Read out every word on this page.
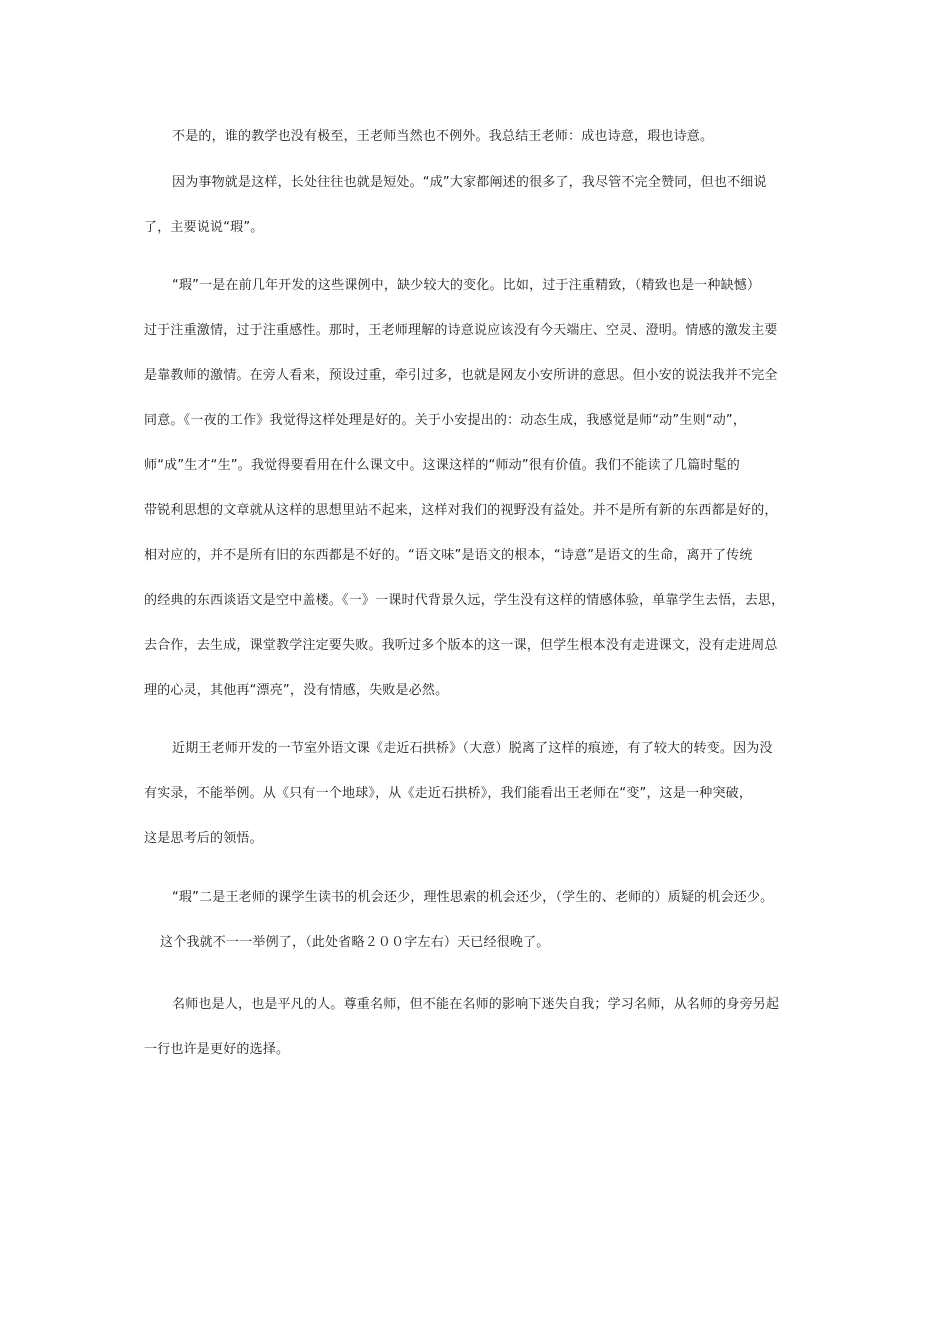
不是的，谁的教学也没有极至，王老师当然也不例外。我总结王老师：成也诗意，瑕也诗意。
因为事物就是这样，长处往往也就是短处。“成”大家都阐述的很多了，我尽管不完全赞同，但也不细说
了，主要说说“瑕”。
“瑕”一是在前几年开发的这些课例中，缺少较大的变化。比如，过于注重精致，（精致也是一种缺憾）
过于注重激情，过于注重感性。那时，王老师理解的诗意说应该没有今天端庄、空灵、澄明。情感的激发主要
是靠教师的激情。在旁人看来，预设过重，牵引过多，也就是网友小安所讲的意思。但小安的说法我并不完全
同意。《一夜的工作》我觉得这样处理是好的。关于小安提出的：动态生成，我感觉是师“动”生则“动”，
师“成”生才“生”。我觉得要看用在什么课文中。这课这样的“师动”很有价值。我们不能读了几篇时髦的
带锐利思想的文章就从这样的思想里站不起来，这样对我们的视野没有益处。并不是所有新的东西都是好的，
相对应的，并不是所有旧的东西都是不好的。“语文味”是语文的根本，“诗意”是语文的生命，离开了传统
的经典的东西谈语文是空中盖楼。《一》一课时代背景久远，学生没有这样的情感体验，单靠学生去悟，去思，
去合作，去生成，课堂教学注定要失败。我听过多个版本的这一课，但学生根本没有走进课文，没有走进周总
理的心灵，其他再“漂亮”，没有情感，失败是必然。
近期王老师开发的一节室外语文课《走近石拱桥》（大意）脱离了这样的痕迹，有了较大的转变。因为没
有实录，不能举例。从《只有一个地球》，从《走近石拱桥》，我们能看出王老师在“变”，这是一种突破，
这是思考后的领悟。
“瑕”二是王老师的课学生读书的机会还少，理性思索的机会还少，（学生的、老师的）质疑的机会还少。
这个我就不一一举例了，（此处省略２００字左右）天已经很晚了。
名师也是人，也是平凡的人。尊重名师，但不能在名师的影响下迷失自我；学习名师，从名师的身旁另起
一行也许是更好的选择。
